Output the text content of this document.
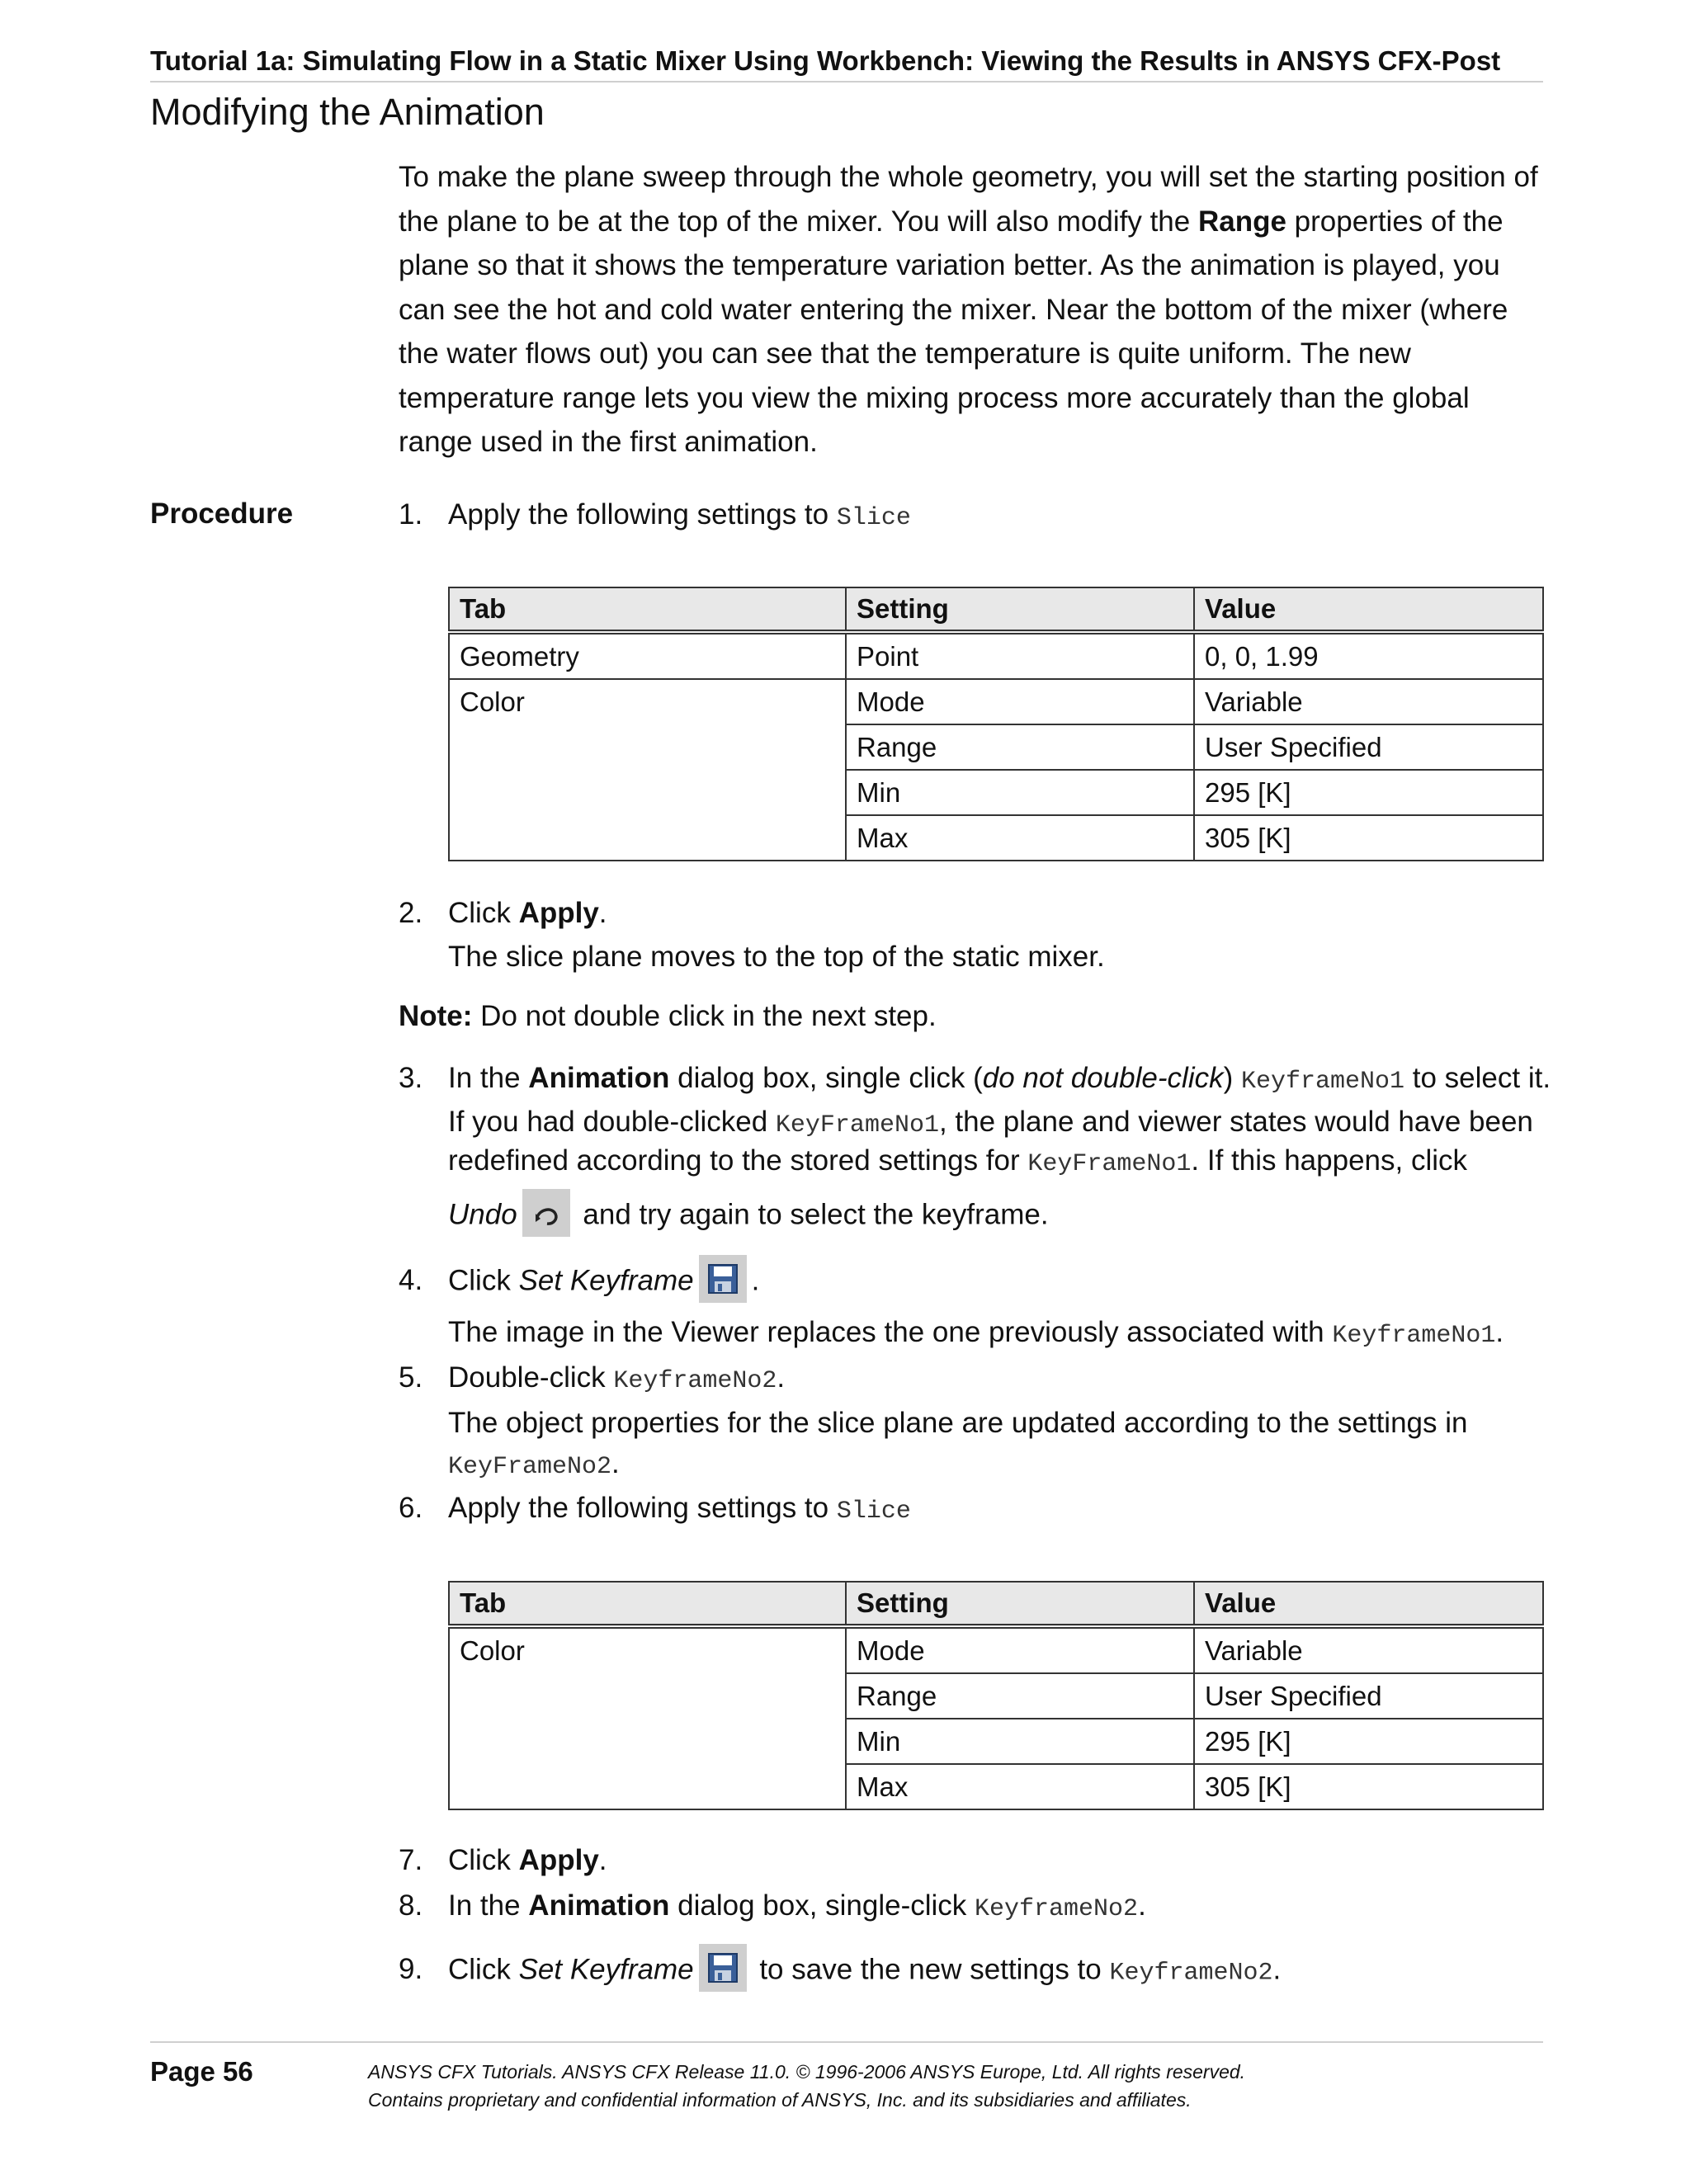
Tutorial 1a: Simulating Flow in a Static Mixer Using Workbench: Viewing the Results in ANSYS CFX-Post
Modifying the Animation

To make the plane sweep through the whole geometry, you will set the starting position of the plane to be at the top of the mixer. You will also modify the Range properties of the plane so that it shows the temperature variation better. As the animation is played, you can see the hot and cold water entering the mixer. Near the bottom of the mixer (where the water flows out) you can see that the temperature is quite uniform. The new temperature range lets you view the mixing process more accurately than the global range used in the first animation.

Procedure	1. Apply the following settings to Slice
Tab	Setting	Value
Geometry	Point	0, 0, 1.99
Color	Mode	Variable
	Range	User Specified
	Min	295 [K]
	Max	305 [K]
2. Click Apply.
The slice plane moves to the top of the static mixer.
Note: Do not double click in the next step.
3. In the Animation dialog box, single click (do not double-click) KeyframeNo1 to select it.
If you had double-clicked KeyFrameNo1, the plane and viewer states would have been
redefined according to the stored settings for KeyFrameNo1. If this happens, click
Undo
and try again to select the keyframe.
4. Click Set Keyframe .
The image in the Viewer replaces the one previously associated with KeyframeNo1.
5. Double-click KeyframeNo2.
The object properties for the slice plane are updated according to the settings in
KeyFrameNo2.
6. Apply the following settings to Slice
Tab	Setting	Value
Color	Mode	Variable
	Range	User Specified
	Min	295 [K]
	Max	305 [K]
7. Click Apply.
8. In the Animation dialog box, single-click KeyframeNo2.
9. Click Set Keyframe
to save the new settings to KeyframeNo2.
Page 56	ANSYS CFX Tutorials. ANSYS CFX Release 11.0. © 1996-2006 ANSYS Europe, Ltd. All rights reserved.
Contains proprietary and confidential information of ANSYS, Inc. and its subsidiaries and affiliates.
